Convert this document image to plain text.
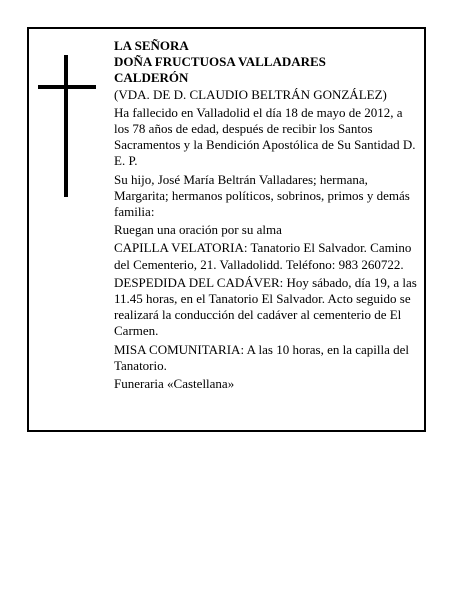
LA SEÑORA
DOÑA FRUCTUOSA VALLADARES
CALDERÓN
(VDA. DE D. CLAUDIO BELTRÁN GONZÁLEZ)
Ha fallecido en Valladolid el día 18 de mayo de 2012, a los 78 años de edad, después de recibir los Santos Sacramentos y la Bendición Apostólica de Su Santidad D. E. P.
Su hijo, José María Beltrán Valladares; hermana, Margarita; hermanos políticos, sobrinos, primos y demás familia:
Ruegan una oración por su alma
CAPILLA VELATORIA: Tanatorio El Salvador. Camino del Cementerio, 21. Valladolidd. Teléfono: 983 260722.
DESPEDIDA DEL CADÁVER: Hoy sábado, día 19, a las 11.45 horas, en el Tanatorio El Salvador. Acto seguido se realizará la conducción del cadáver al cementerio de El Carmen.
MISA COMUNITARIA: A las 10 horas, en la capilla del Tanatorio.
Funeraria «Castellana»
